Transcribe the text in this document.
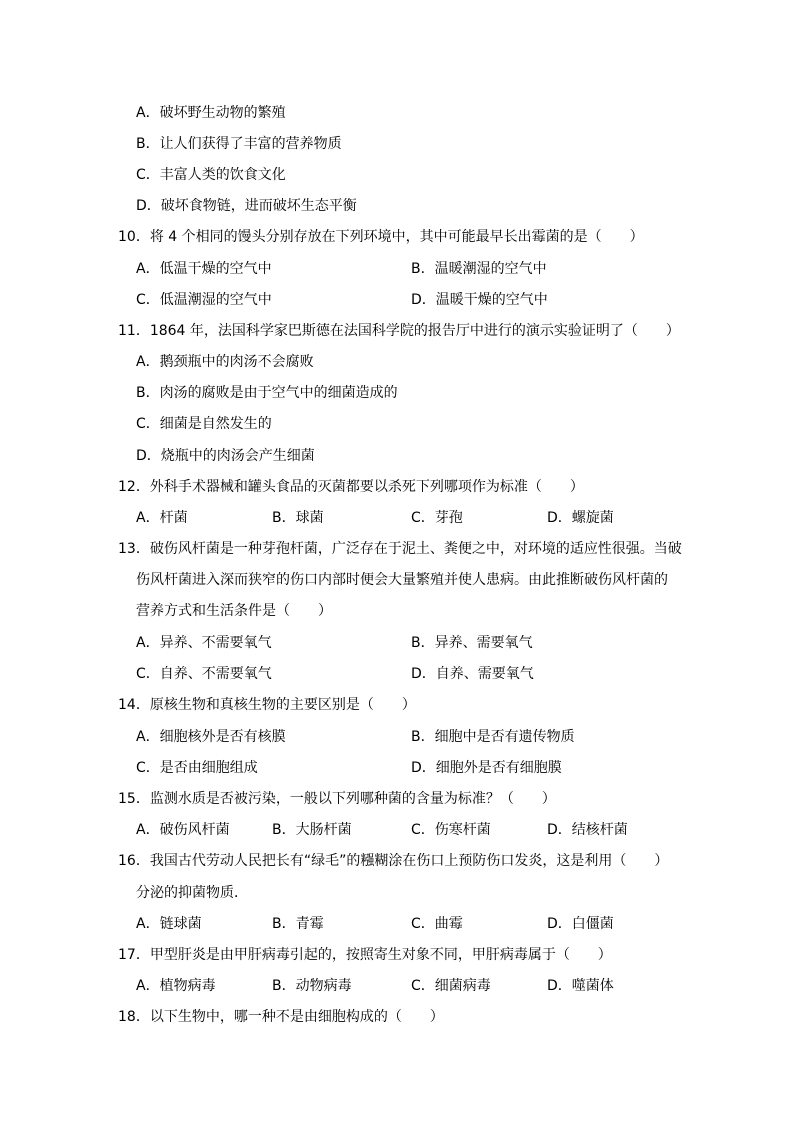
A．破坏野生动物的繁殖
B．让人们获得了丰富的营养物质
C．丰富人类的饮食文化
D．破坏食物链，进而破坏生态平衡
10．将 4 个相同的馒头分别存放在下列环境中，其中可能最早长出霉菌的是（　　）
A．低温干燥的空气中	B．温暖潮湿的空气中
C．低温潮湿的空气中	D．温暖干燥的空气中
11．1864 年，法国科学家巴斯德在法国科学院的报告厅中进行的演示实验证明了（　　）
A．鹅颈瓶中的肉汤不会腐败
B．肉汤的腐败是由于空气中的细菌造成的
C．细菌是自然发生的
D．烧瓶中的肉汤会产生细菌
12．外科手术器械和罐头食品的灭菌都要以杀死下列哪项作为标准（　　）
A．杆菌	B．球菌	C．芽孢	D．螺旋菌
13．破伤风杆菌是一种芽孢杆菌，广泛存在于泥土、粪便之中，对环境的适应性很强。当破
伤风杆菌进入深而狭窄的伤口内部时便会大量繁殖并使人患病。由此推断破伤风杆菌的
营养方式和生活条件是（　　）
A．异养、不需要氧气	B．异养、需要氧气
C．自养、不需要氧气	D．自养、需要氧气
14．原核生物和真核生物的主要区别是（　　）
A．细胞核外是否有核膜	B．细胞中是否有遗传物质
C．是否由细胞组成	D．细胞外是否有细胞膜
15．监测水质是否被污染，一般以下列哪种菌的含量为标准？（　　）
A．破伤风杆菌	B．大肠杆菌	C．伤寒杆菌	D．结核杆菌
16．我国古代劳动人民把长有“绿毛”的糨糊涂在伤口上预防伤口发炎，这是利用（　　）
分泌的抑菌物质．
A．链球菌	B．青霉	C．曲霉	D．白僵菌
17．甲型肝炎是由甲肝病毒引起的，按照寄生对象不同，甲肝病毒属于（　　）
A．植物病毒	B．动物病毒	C．细菌病毒	D．噬菌体
18．以下生物中，哪一种不是由细胞构成的（　　）
